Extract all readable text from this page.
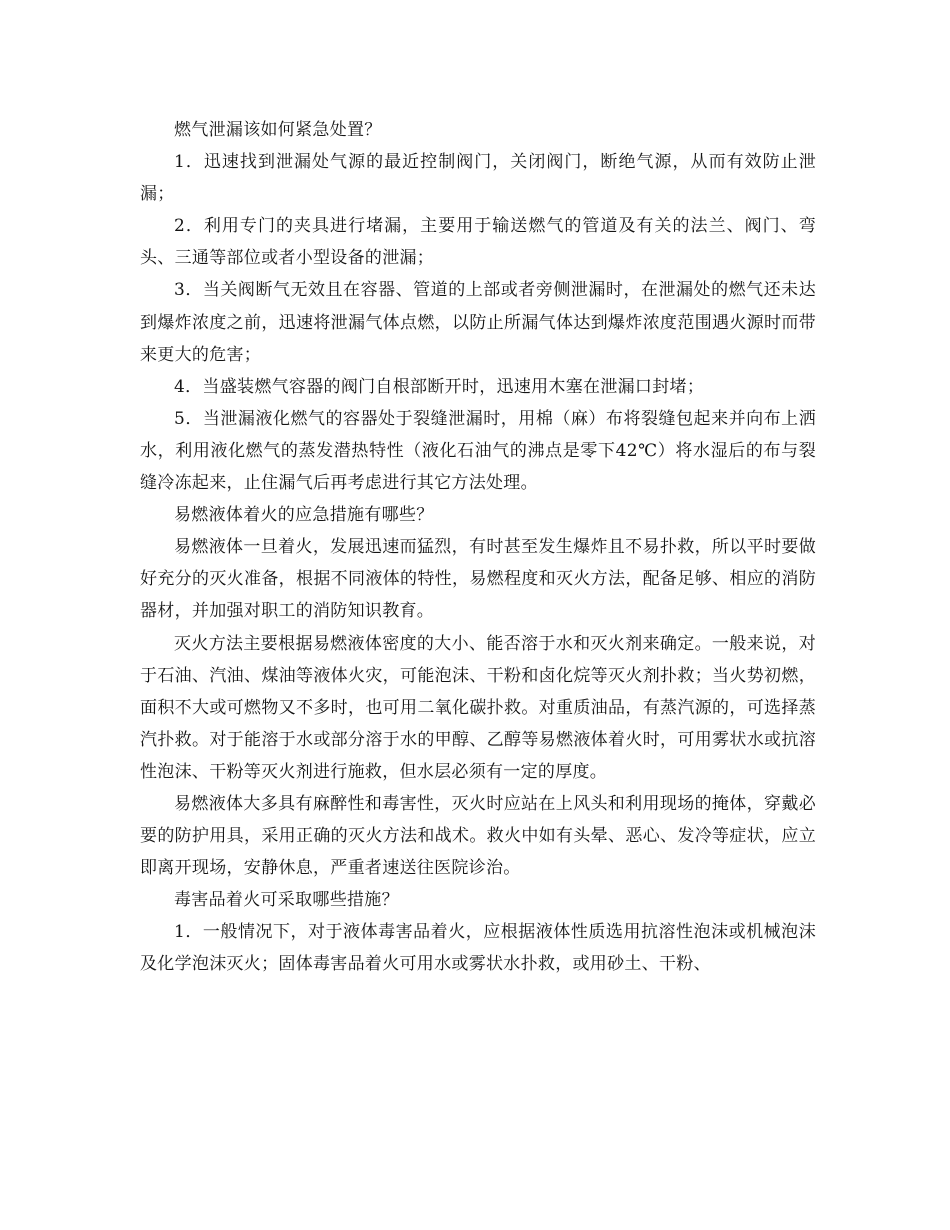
燃气泄漏该如何紧急处置？

1．迅速找到泄漏处气源的最近控制阀门，关闭阀门，断绝气源，从而有效防止泄漏；

2．利用专门的夹具进行堵漏，主要用于输送燃气的管道及有关的法兰、阀门、弯头、三通等部位或者小型设备的泄漏；

3．当关阀断气无效且在容器、管道的上部或者旁侧泄漏时，在泄漏处的燃气还未达到爆炸浓度之前，迅速将泄漏气体点燃，以防止所漏气体达到爆炸浓度范围遇火源时而带来更大的危害；

4．当盛装燃气容器的阀门自根部断开时，迅速用木塞在泄漏口封堵；

5．当泄漏液化燃气的容器处于裂缝泄漏时，用棉（麻）布将裂缝包起来并向布上洒水，利用液化燃气的蒸发潜热特性（液化石油气的沸点是零下42℃）将水湿后的布与裂缝冷冻起来，止住漏气后再考虑进行其它方法处理。

易燃液体着火的应急措施有哪些？

易燃液体一旦着火，发展迅速而猛烈，有时甚至发生爆炸且不易扑救，所以平时要做好充分的灭火准备，根据不同液体的特性，易燃程度和灭火方法，配备足够、相应的消防器材，并加强对职工的消防知识教育。

灭火方法主要根据易燃液体密度的大小、能否溶于水和灭火剂来确定。一般来说，对于石油、汽油、煤油等液体火灾，可能泡沫、干粉和卤化烷等灭火剂扑救；当火势初燃，面积不大或可燃物又不多时，也可用二氧化碳扑救。对重质油品，有蒸汽源的，可选择蒸汽扑救。对于能溶于水或部分溶于水的甲醇、乙醇等易燃液体着火时，可用雾状水或抗溶性泡沫、干粉等灭火剂进行施救，但水层必须有一定的厚度。

易燃液体大多具有麻醉性和毒害性，灭火时应站在上风头和利用现场的掩体，穿戴必要的防护用具，采用正确的灭火方法和战术。救火中如有头晕、恶心、发冷等症状，应立即离开现场，安静休息，严重者速送往医院诊治。

毒害品着火可采取哪些措施？

1．一般情况下，对于液体毒害品着火，应根据液体性质选用抗溶性泡沫或机械泡沫及化学泡沫灭火；固体毒害品着火可用水或雾状水扑救，或用砂土、干粉、
